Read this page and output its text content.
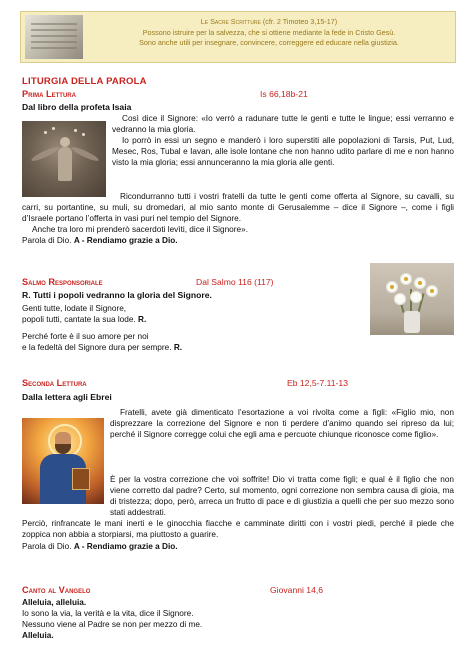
Le Sacre Scritture (cfr. 2 Timoteo 3,15-17)
Possono istruire per la salvezza, che si ottiene mediante la fede in Cristo Gesù.
Sono anche utili per insegnare, convincere, correggere ed educare nella giustizia.
LITURGIA DELLA PAROLA
Prima Lettura	Is 66,18b-21
Dal libro della profeta Isaia

Così dice il Signore: «Io verrò a radunare tutte le genti e tutte le lingue; essi verranno e vedranno la mia gloria.

Io porrò in essi un segno e manderò i loro superstiti alle popolazioni di Tarsis, Put, Lud, Mesec, Ros, Tubal e Iavan, alle isole lontane che non hanno udito parlare di me e non hanno visto la mia gloria; essi annunceranno la mia gloria alle genti.

Ricondurranno tutti i vostri fratelli da tutte le genti come offerta al Signore, su cavalli, su carri, su portantine, su muli, su dromedari, al mio santo monte di Gerusalemme – dice il Signore –, come i figli d’Israele portano l’offerta in vasi puri nel tempio del Signore.

Anche tra loro mi prenderò sacerdoti levìti, dice il Signore».

Parola di Dio. A - Rendiamo grazie a Dio.

Salmo Responsoriale	Dal Salmo 116 (117)
R. Tutti i popoli vedranno la gloria del Signore.

Genti tutte, lodate il Signore,

popoli tutti, cantate la sua lode. R.

Perché forte è il suo amore per noi

e la fedeltà del Signore dura per sempre. R.

Seconda Lettura	Eb 12,5-7.11-13
Dalla lettera agli Ebrei

Fratelli, avete già dimenticato l’esortazione a voi rivolta come a figli: «Figlio mio, non disprezzare la correzione del Signore e non ti perdere d’animo quando sei ripreso da lui; perché il Signore corregge colui che egli ama e percuote chiunque riconosce come figlio».

È per la vostra correzione che voi soffrite! Dio vi tratta come figli; e qual è il figlio che non viene corretto dal padre? Certo, sul momento, ogni correzione non sembra causa di gioia, ma di tristezza; dopo, però, arreca un frutto di pace e di giustizia a quelli che per suo mezzo sono stati addestrati.

Perciò, rinfrancate le mani inerti e le ginocchia fiacche e camminate diritti con i vostri piedi, perché il piede che zoppica non abbia a storpiarsi, ma piuttosto a guarire.

Parola di Dio. A - Rendiamo grazie a Dio.

Canto al Vangelo	Giovanni 14,6

Alleluia, alleluia.

Io sono la via, la verità e la vita, dice il Signore.

Nessuno viene al Padre se non per mezzo di me.

Alleluia.
